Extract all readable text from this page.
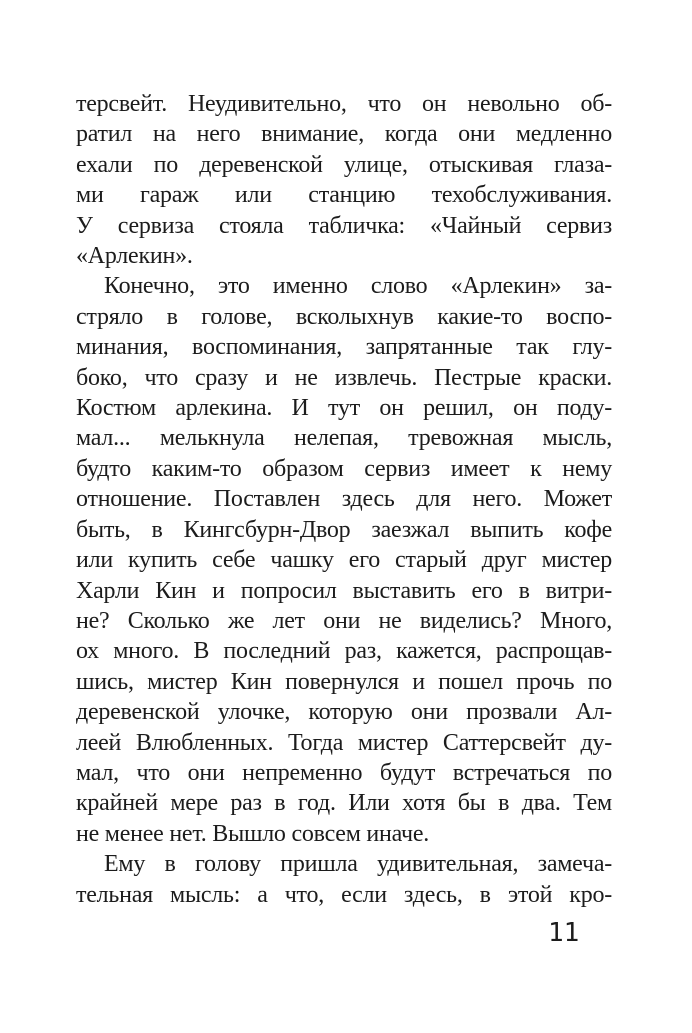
терсвейт. Неудивительно, что он невольно об-
ратил на него внимание, когда они медленно
ехали по деревенской улице, отыскивая глаза-
ми гараж или станцию техобслуживания.
У сервиза стояла табличка: «Чайный сервиз
«Арлекин».
Конечно, это именно слово «Арлекин» за-
стряло в голове, всколыхнув какие-то воспо-
минания, воспоминания, запрятанные так глу-
боко, что сразу и не извлечь. Пестрые краски.
Костюм арлекина. И тут он решил, он поду-
мал... мелькнула нелепая, тревожная мысль,
будто каким-то образом сервиз имеет к нему
отношение. Поставлен здесь для него. Может
быть, в Кингсбурн-Двор заезжал выпить кофе
или купить себе чашку его старый друг мистер
Харли Кин и попросил выставить его в витри-
не? Сколько же лет они не виделись? Много,
ох много. В последний раз, кажется, распрощав-
шись, мистер Кин повернулся и пошел прочь по
деревенской улочке, которую они прозвали Ал-
леей Влюбленных. Тогда мистер Саттерсвейт ду-
мал, что они непременно будут встречаться по
крайней мере раз в год. Или хотя бы в два. Тем
не менее нет. Вышло совсем иначе.
Ему в голову пришла удивительная, замеча-
тельная мысль: а что, если здесь, в этой кро-
11
